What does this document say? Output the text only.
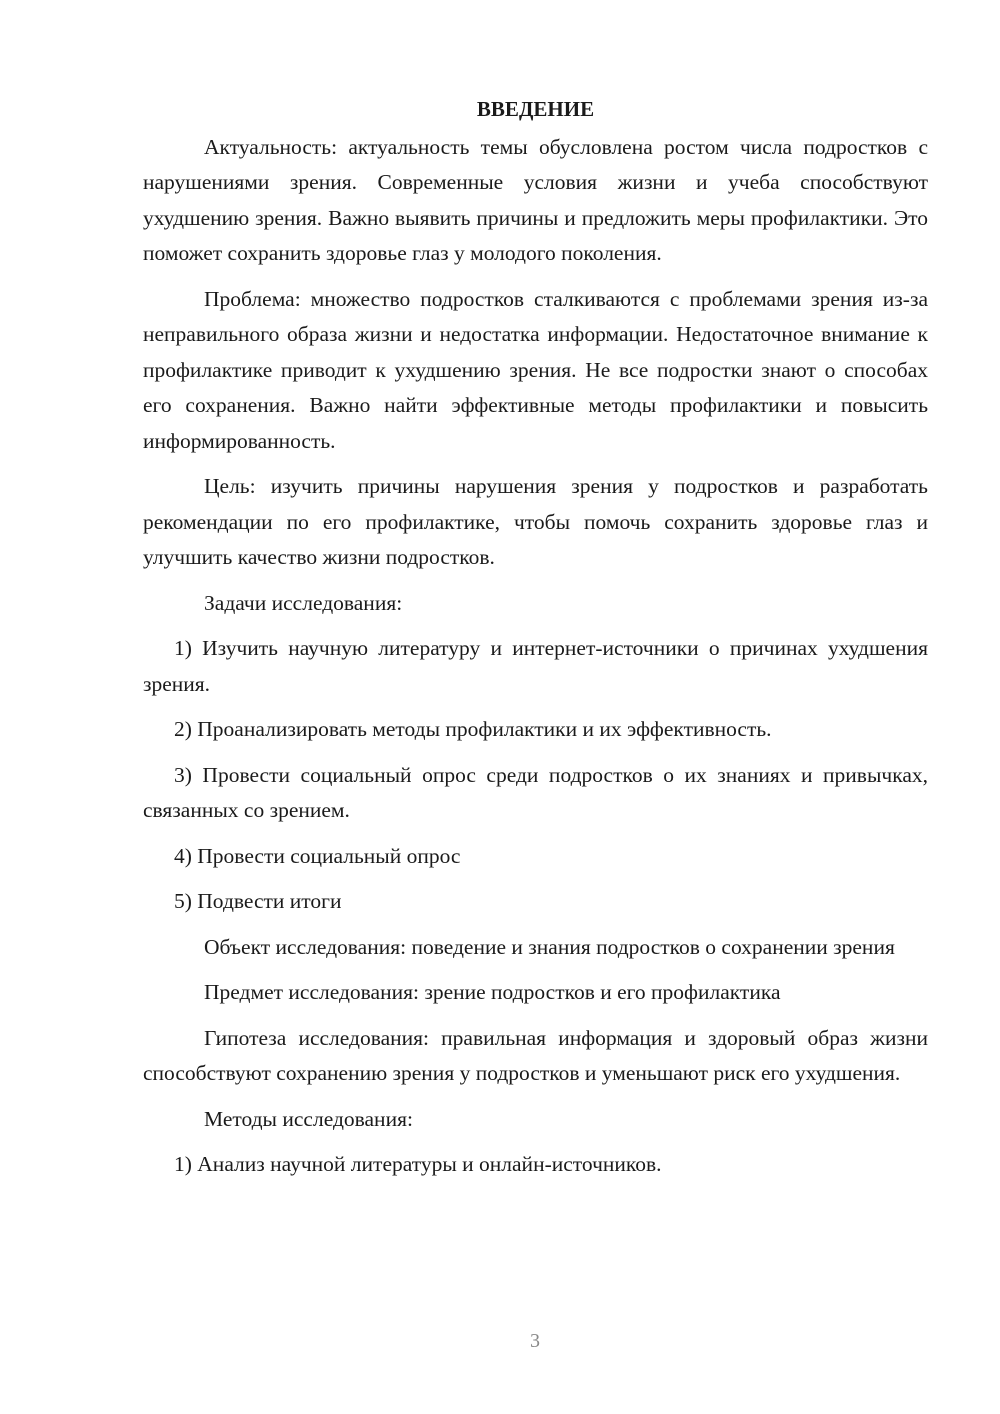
ВВЕДЕНИЕ

Актуальность: актуальность темы обусловлена ростом числа подростков с нарушениями зрения. Современные условия жизни и учеба способствуют ухудшению зрения. Важно выявить причины и предложить меры профилактики. Это поможет сохранить здоровье глаз у молодого поколения.

Проблема: множество подростков сталкиваются с проблемами зрения из-за неправильного образа жизни и недостатка информации. Недостаточное внимание к профилактике приводит к ухудшению зрения. Не все подростки знают о способах его сохранения. Важно найти эффективные методы профилактики и повысить информированность.

Цель: изучить причины нарушения зрения у подростков и разработать рекомендации по его профилактике, чтобы помочь сохранить здоровье глаз и улучшить качество жизни подростков.

Задачи исследования:

1) Изучить научную литературу и интернет-источники о причинах ухудшения зрения.

2) Проанализировать методы профилактики и их эффективность.

3) Провести социальный опрос среди подростков о их знаниях и привычках, связанных со зрением.

4) Провести социальный опрос

5) Подвести итоги

Объект исследования: поведение и знания подростков о сохранении зрения

Предмет исследования: зрение подростков и его профилактика

Гипотеза исследования: правильная информация и здоровый образ жизни способствуют сохранению зрения у подростков и уменьшают риск его ухудшения.

Методы исследования:

1) Анализ научной литературы и онлайн-источников.

3
